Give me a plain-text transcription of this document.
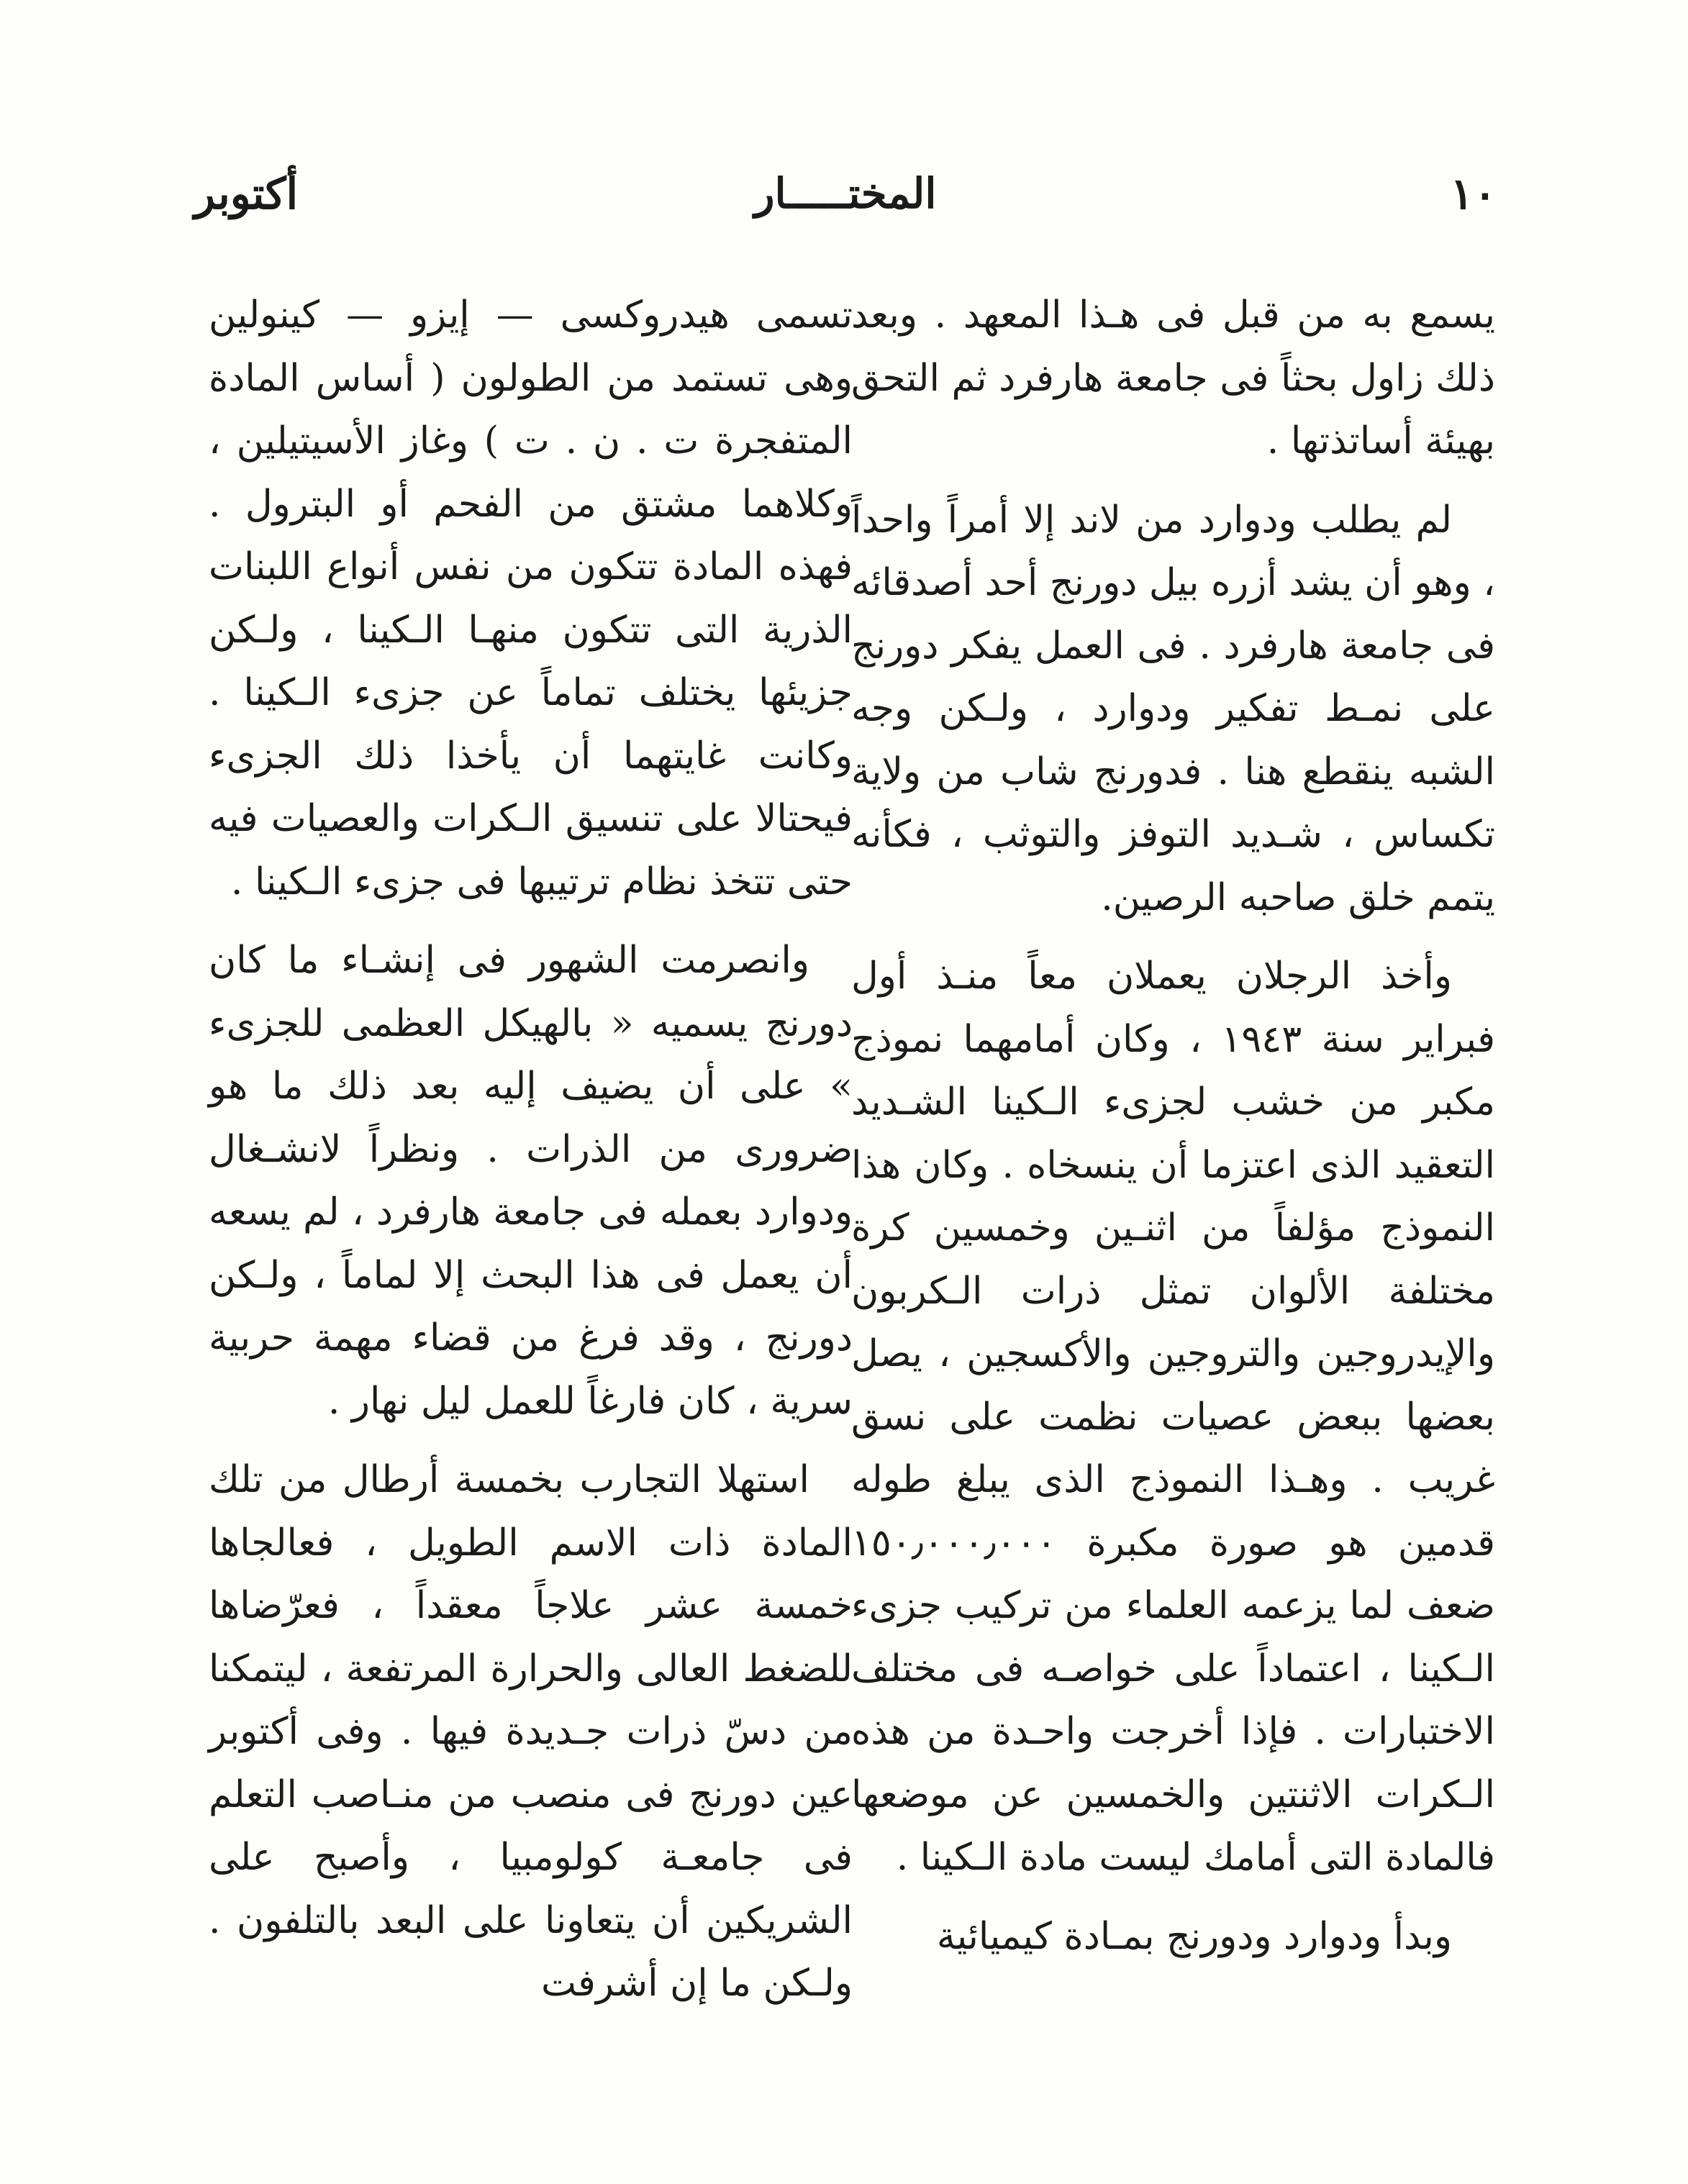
١٠
المختـــــار
أكتوبر

يسمع به من قبل فى هـذا المعهد . وبعد ذلك زاول بحثاً فى جامعة هارفرد ثم التحق بهيئة أساتذتها .

لم يطلب ودوارد من لاند إلا أمراً واحداً ، وهو أن يشد أزره بيل دورنج أحد أصدقائه فى جامعة هارفرد . فى العمل يفكر دورنج على نمـط تفكير ودوارد ، ولـكن وجه الشبه ينقطع هنا . فدورنج شاب من ولاية تكساس ، شـديد التوفز والتوثب ، فكأنه يتمم خلق صاحبه الرصين.

وأخذ الرجلان يعملان معاً منـذ أول فبراير سنة ١٩٤٣ ، وكان أمامهما نموذج مكبر من خشب لجزىء الـكينا الشـديد التعقيد الذى اعتزما أن ينسخاه . وكان هذا النموذج مؤلفاً من اثنـين وخمسين كرة مختلفة الألوان تمثل ذرات الـكربون والإيدروجين والتروجين والأكسجين ، يصل بعضها ببعض عصيات نظمت على نسق غريب . وهـذا النموذج الذى يبلغ طوله قدمين هو صورة مكبرة ١٥٠٫٠٠٠٫٠٠٠ ضعف لما يزعمه العلماء من تركيب جزىء الـكينا ، اعتماداً على خواصـه فى مختلف الاختبارات . فإذا أخرجت واحـدة من هذه الـكرات الاثنتين والخمسين عن موضعها فالمادة التى أمامك ليست مادة الـكينا .

وبدأ ودوارد ودورنج بمـادة كيميائية

تسمى هيدروكسى — إيزو — كينولين وهى تستمد من الطولون ( أساس المادة المتفجرة ت . ن . ت ) وغاز الأسيتيلين ، وكلاهما مشتق من الفحم أو البترول . فهذه المادة تتكون من نفس أنواع اللبنات الذرية التى تتكون منهـا الـكينا ، ولـكن جزيئها يختلف تماماً عن جزىء الـكينا . وكانت غايتهما أن يأخذا ذلك الجزىء فيحتالا على تنسيق الـكرات والعصيات فيه حتى تتخذ نظام ترتيبها فى جزىء الـكينا .

وانصرمت الشهور فى إنشـاء ما كان دورنج يسميه « بالهيكل العظمى للجزىء » على أن يضيف إليه بعد ذلك ما هو ضرورى من الذرات . ونظراً لانشـغال ودوارد بعمله فى جامعة هارفرد ، لم يسعه أن يعمل فى هذا البحث إلا لماماً ، ولـكن دورنج ، وقد فرغ من قضاء مهمة حربية سرية ، كان فارغاً للعمل ليل نهار .

استهلا التجارب بخمسة أرطال من تلك المادة ذات الاسم الطويل ، فعالجاها خمسة عشر علاجاً معقداً ، فعرّضاها للضغط العالى والحرارة المرتفعة ، ليتمكنا من دسّ ذرات جـديدة فيها . وفى أكتوبر عين دورنج فى منصب من منـاصب التعلم فى جامعـة كولومبيا ، وأصبح على الشريكين أن يتعاونا على البعد بالتلفون . ولـكن ما إن أشرفت
